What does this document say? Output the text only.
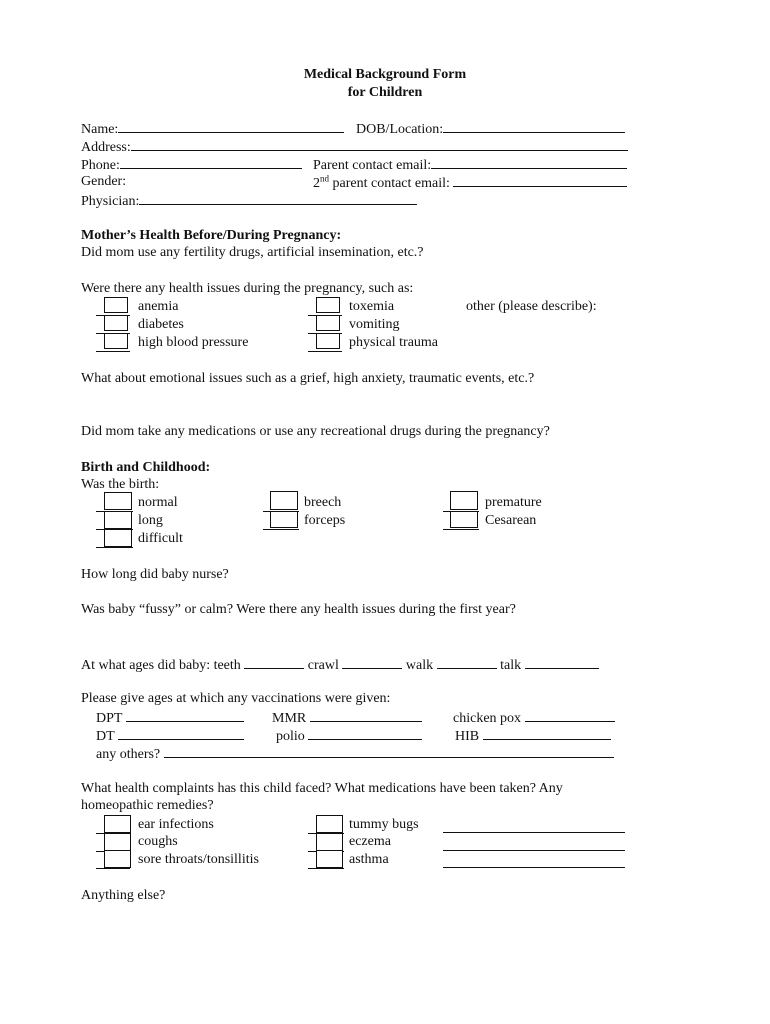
Medical Background Form
for Children
Name:	DOB/Location:
Address:
Phone:	Parent contact email:
Gender:	2nd parent contact email:
Physician:
Mother’s Health Before/During Pregnancy:
Did mom use any fertility drugs, artificial insemination, etc.?
Were there any health issues during the pregnancy, such as:
anemia
diabetes
high blood pressure
toxemia
vomiting
physical trauma
other (please describe):
What about emotional issues such as a grief, high anxiety, traumatic events, etc.?
Did mom take any medications or use any recreational drugs during the pregnancy?
Birth and Childhood:
Was the birth:
normal
long
difficult
breech
forceps
premature
Cesarean
How long did baby nurse?
Was baby “fussy” or calm? Were there any health issues during the first year?
At what ages did baby: teeth	crawl	walk	talk
Please give ages at which any vaccinations were given:
DPT	MMR	chicken pox
DT	polio	HIB
any others?
What health complaints has this child faced? What medications have been taken? Any
homeopathic remedies?
ear infections
coughs
sore throats/tonsillitis
tummy bugs
eczema
asthma
Anything else?
